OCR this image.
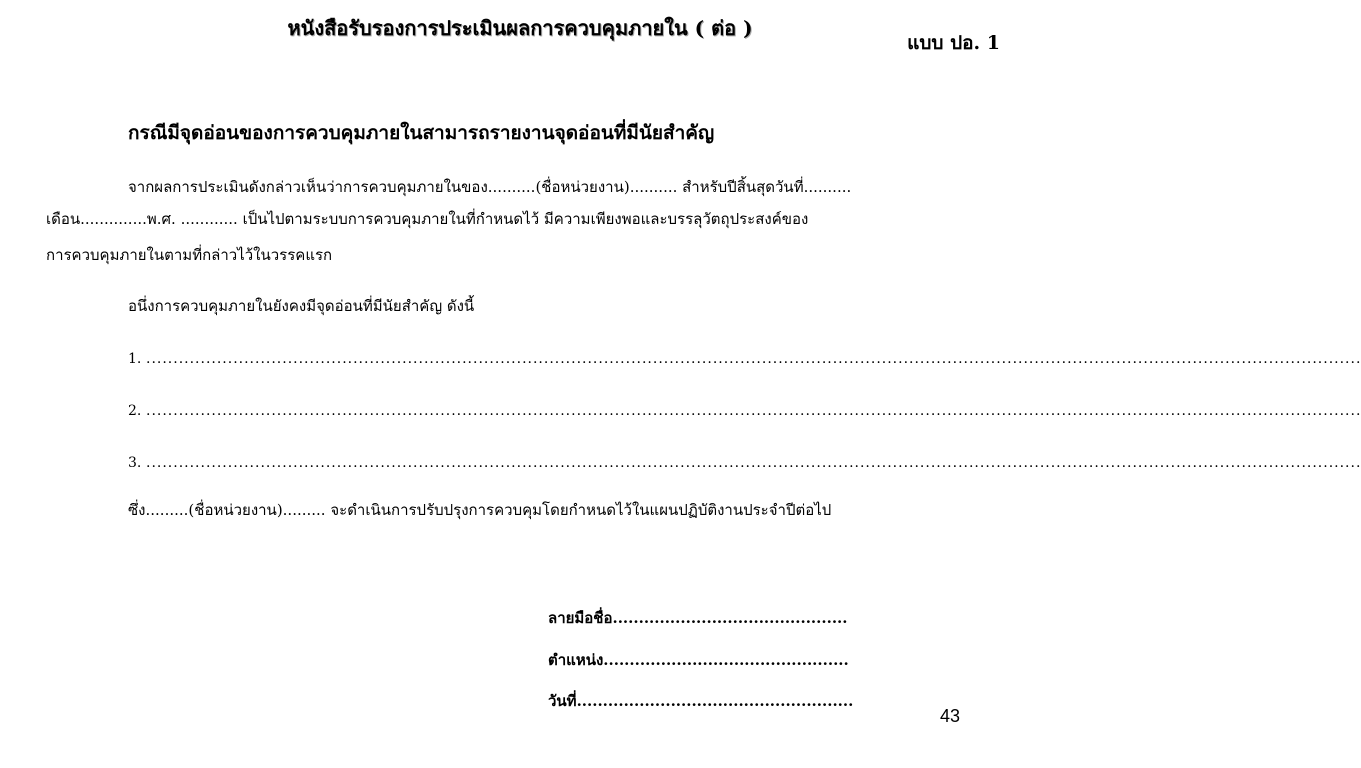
หนังสือรับรองการประเมินผลการควบคุมภายใน ( ต่อ )
แบบ ปอ. 1
กรณีมีจุดอ่อนของการควบคุมภายในสามารถรายงานจุดอ่อนที่มีนัยสำคัญ
จากผลการประเมินดังกล่าวเห็นว่าการควบคุมภายในของ..........(ชื่อหน่วยงาน).......... สำหรับปีสิ้นสุดวันที่..........
เดือน..............พ.ศ. ............ เป็นไปตามระบบการควบคุมภายในที่กำหนดไว้ มีความเพียงพอและบรรลุวัตถุประสงค์ของ
การควบคุมภายในตามที่กล่าวไว้ในวรรคแรก
อนึ่งการควบคุมภายในยังคงมีจุดอ่อนที่มีนัยสำคัญ ดังนี้
1. ...............................................................................................................................................................................................................................
2. ...............................................................................................................................................................................................................................
3. ...............................................................................................................................................................................................................................
ซึ่ง.........(ชื่อหน่วยงาน)......... จะดำเนินการปรับปรุงการควบคุมโดยกำหนดไว้ในแผนปฏิบัติงานประจำปีต่อไป
ลายมือชื่อ.............................................
ตำแหน่ง...............................................
วันที่.....................................................
43
